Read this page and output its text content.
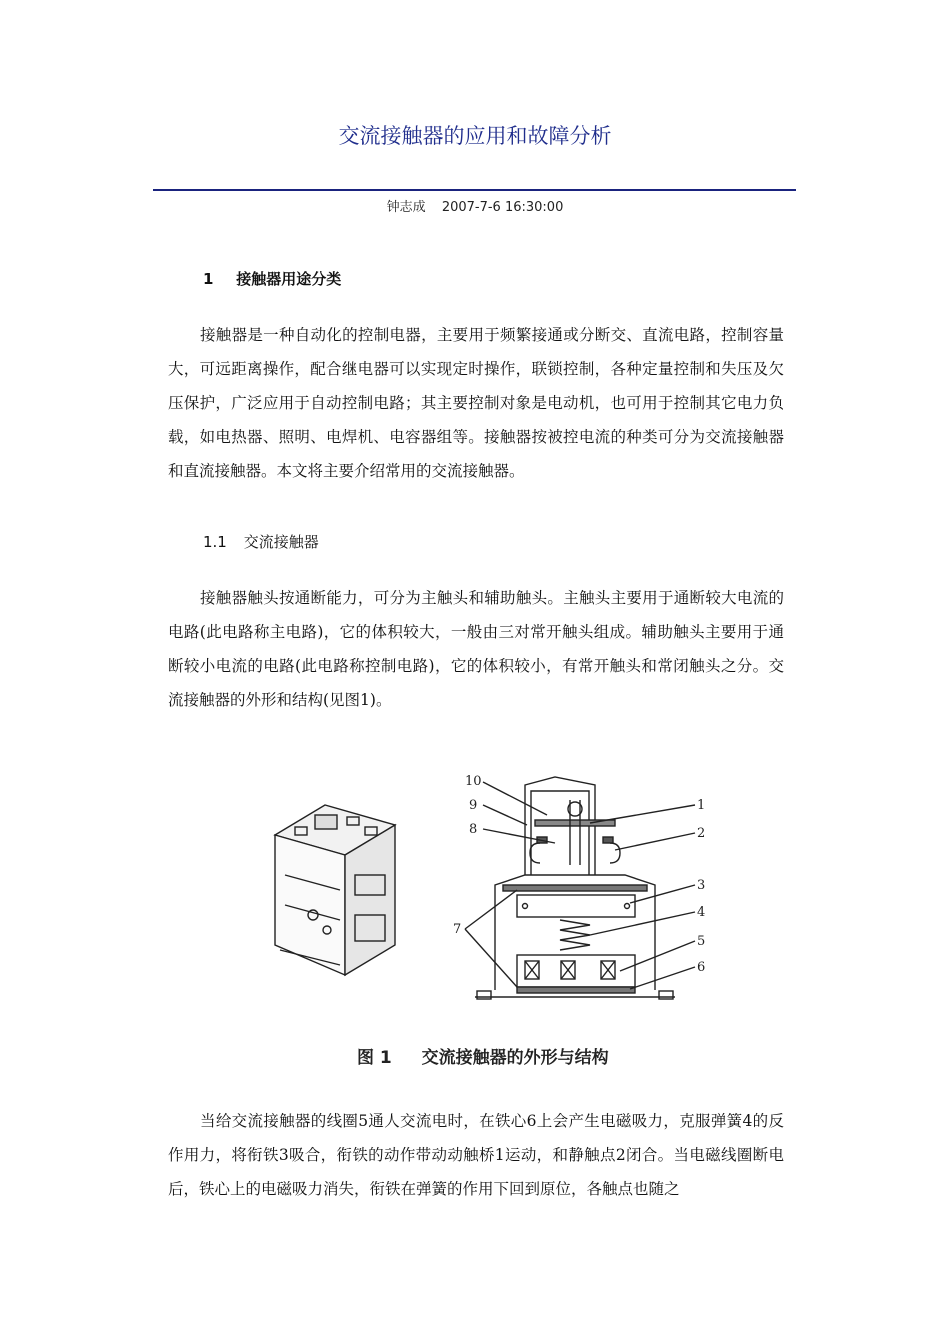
交流接触器的应用和故障分析
钟志成 2007-7-6 16:30:00
1 接触器用途分类
接触器是一种自动化的控制电器，主要用于频繁接通或分断交、直流电路，控制容量大，可远距离操作，配合继电器可以实现定时操作，联锁控制，各种定量控制和失压及欠压保护，广泛应用于自动控制电路；其主要控制对象是电动机，也可用于控制其它电力负载，如电热器、照明、电焊机、电容器组等。接触器按被控电流的种类可分为交流接触器和直流接触器。本文将主要介绍常用的交流接触器。
1.1 交流接触器
接触器触头按通断能力，可分为主触头和辅助触头。主触头主要用于通断较大电流的电路(此电路称主电路)，它的体积较大，一般由三对常开触头组成。辅助触头主要用于通断较小电流的电路(此电路称控制电路)，它的体积较小，有常开触头和常闭触头之分。交流接触器的外形和结构(见图1)。
10
9
8
1
2
3
4
7
5
6
图 1 交流接触器的外形与结构
当给交流接触器的线圈5通人交流电时，在铁心6上会产生电磁吸力，克服弹簧4的反作用力，将衔铁3吸合，衔铁的动作带动动触桥1运动，和静触点2闭合。当电磁线圈断电后，铁心上的电磁吸力消失，衔铁在弹簧的作用下回到原位，各触点也随之
